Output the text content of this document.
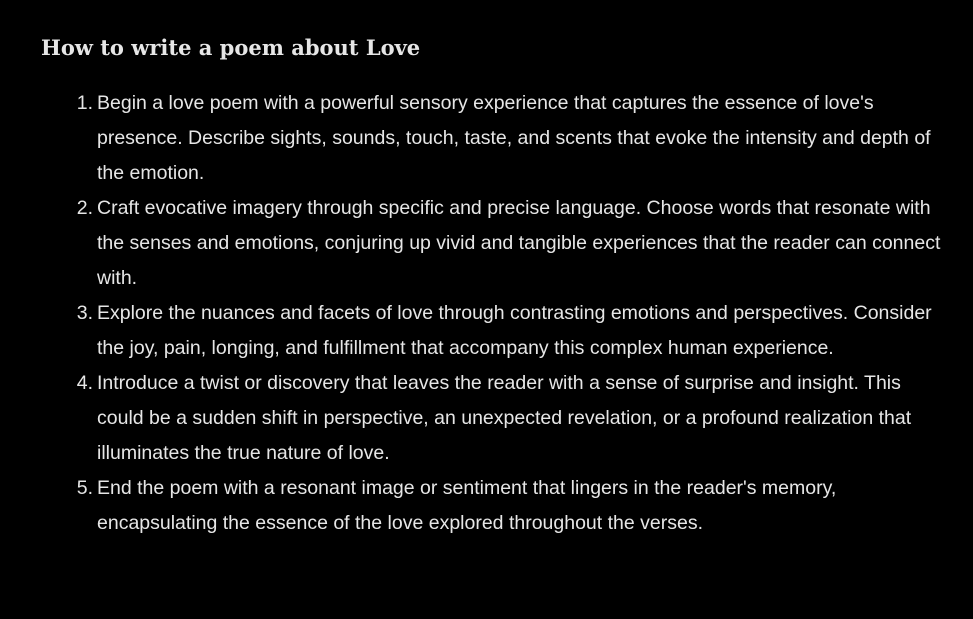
How to write a poem about Love
1. Begin a love poem with a powerful sensory experience that captures the essence of love's presence. Describe sights, sounds, touch, taste, and scents that evoke the intensity and depth of the emotion.
2. Craft evocative imagery through specific and precise language. Choose words that resonate with the senses and emotions, conjuring up vivid and tangible experiences that the reader can connect with.
3. Explore the nuances and facets of love through contrasting emotions and perspectives. Consider the joy, pain, longing, and fulfillment that accompany this complex human experience.
4. Introduce a twist or discovery that leaves the reader with a sense of surprise and insight. This could be a sudden shift in perspective, an unexpected revelation, or a profound realization that illuminates the true nature of love.
5. End the poem with a resonant image or sentiment that lingers in the reader's memory, encapsulating the essence of the love explored throughout the verses.
